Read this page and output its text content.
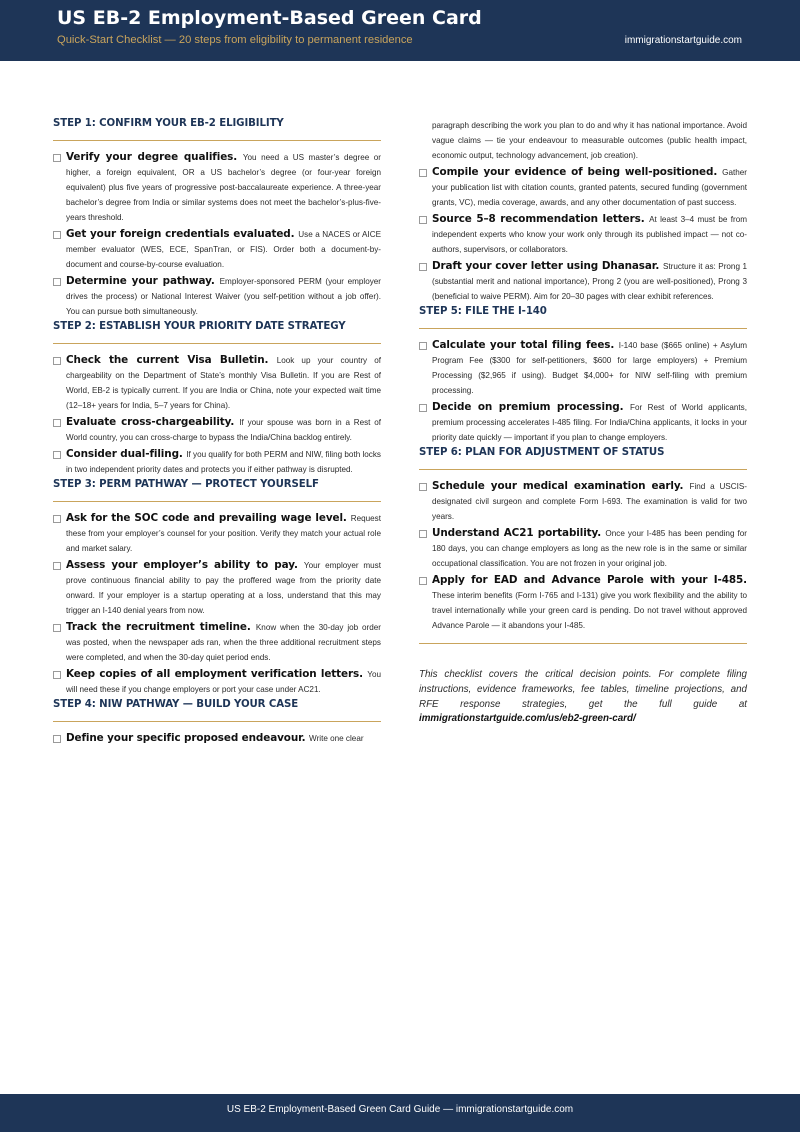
US EB-2 Employment-Based Green Card
Quick-Start Checklist — 20 steps from eligibility to permanent residence	immigrationstartguide.com
STEP 1: CONFIRM YOUR EB-2 ELIGIBILITY
Verify your degree qualifies. You need a US master’s degree or higher, a foreign equivalent, OR a US bachelor’s degree (or four-year foreign equivalent) plus five years of progressive post-baccalaureate experience. A three-year bachelor’s degree from India or similar systems does not meet the bachelor’s-plus-five-years threshold.
Get your foreign credentials evaluated. Use a NACES or AICE member evaluator (WES, ECE, SpanTran, or FIS). Order both a document-by-document and course-by-course evaluation.
Determine your pathway. Employer-sponsored PERM (your employer drives the process) or National Interest Waiver (you self-petition without a job offer). You can pursue both simultaneously.
STEP 2: ESTABLISH YOUR PRIORITY DATE STRATEGY
Check the current Visa Bulletin. Look up your country of chargeability on the Department of State’s monthly Visa Bulletin. If you are Rest of World, EB-2 is typically current. If you are India or China, note your expected wait time (12–18+ years for India, 5–7 years for China).
Evaluate cross-chargeability. If your spouse was born in a Rest of World country, you can cross-charge to bypass the India/China backlog entirely.
Consider dual-filing. If you qualify for both PERM and NIW, filing both locks in two independent priority dates and protects you if either pathway is disrupted.
STEP 3: PERM PATHWAY — PROTECT YOURSELF
Ask for the SOC code and prevailing wage level. Request these from your employer’s counsel for your position. Verify they match your actual role and market salary.
Assess your employer’s ability to pay. Your employer must prove continuous financial ability to pay the proffered wage from the priority date onward. If your employer is a startup operating at a loss, understand that this may trigger an I-140 denial years from now.
Track the recruitment timeline. Know when the 30-day job order was posted, when the newspaper ads ran, when the three additional recruitment steps were completed, and when the 30-day quiet period ends.
Keep copies of all employment verification letters. You will need these if you change employers or port your case under AC21.
STEP 4: NIW PATHWAY — BUILD YOUR CASE
Define your specific proposed endeavour. Write one clear
paragraph describing the work you plan to do and why it has national importance. Avoid vague claims — tie your endeavour to measurable outcomes (public health impact, economic output, technology advancement, job creation).
Compile your evidence of being well-positioned. Gather your publication list with citation counts, granted patents, secured funding (government grants, VC), media coverage, awards, and any other documentation of past success.
Source 5–8 recommendation letters. At least 3–4 must be from independent experts who know your work only through its published impact — not co-authors, supervisors, or collaborators.
Draft your cover letter using Dhanasar. Structure it as: Prong 1 (substantial merit and national importance), Prong 2 (you are well-positioned), Prong 3 (beneficial to waive PERM). Aim for 20–30 pages with clear exhibit references.
STEP 5: FILE THE I-140
Calculate your total filing fees. I-140 base ($665 online) + Asylum Program Fee ($300 for self-petitioners, $600 for large employers) + Premium Processing ($2,965 if using). Budget $4,000+ for NIW self-filing with premium processing.
Decide on premium processing. For Rest of World applicants, premium processing accelerates I-485 filing. For India/China applicants, it locks in your priority date quickly — important if you plan to change employers.
STEP 6: PLAN FOR ADJUSTMENT OF STATUS
Schedule your medical examination early. Find a USCIS-designated civil surgeon and complete Form I-693. The examination is valid for two years.
Understand AC21 portability. Once your I-485 has been pending for 180 days, you can change employers as long as the new role is in the same or similar occupational classification. You are not frozen in your original job.
Apply for EAD and Advance Parole with your I-485. These interim benefits (Form I-765 and I-131) give you work flexibility and the ability to travel internationally while your green card is pending. Do not travel without approved Advance Parole — it abandons your I-485.
This checklist covers the critical decision points. For complete filing instructions, evidence frameworks, fee tables, timeline projections, and RFE response strategies, get the full guide at immigrationstartguide.com/us/eb2-green-card/
US EB-2 Employment-Based Green Card Guide — immigrationstartguide.com
